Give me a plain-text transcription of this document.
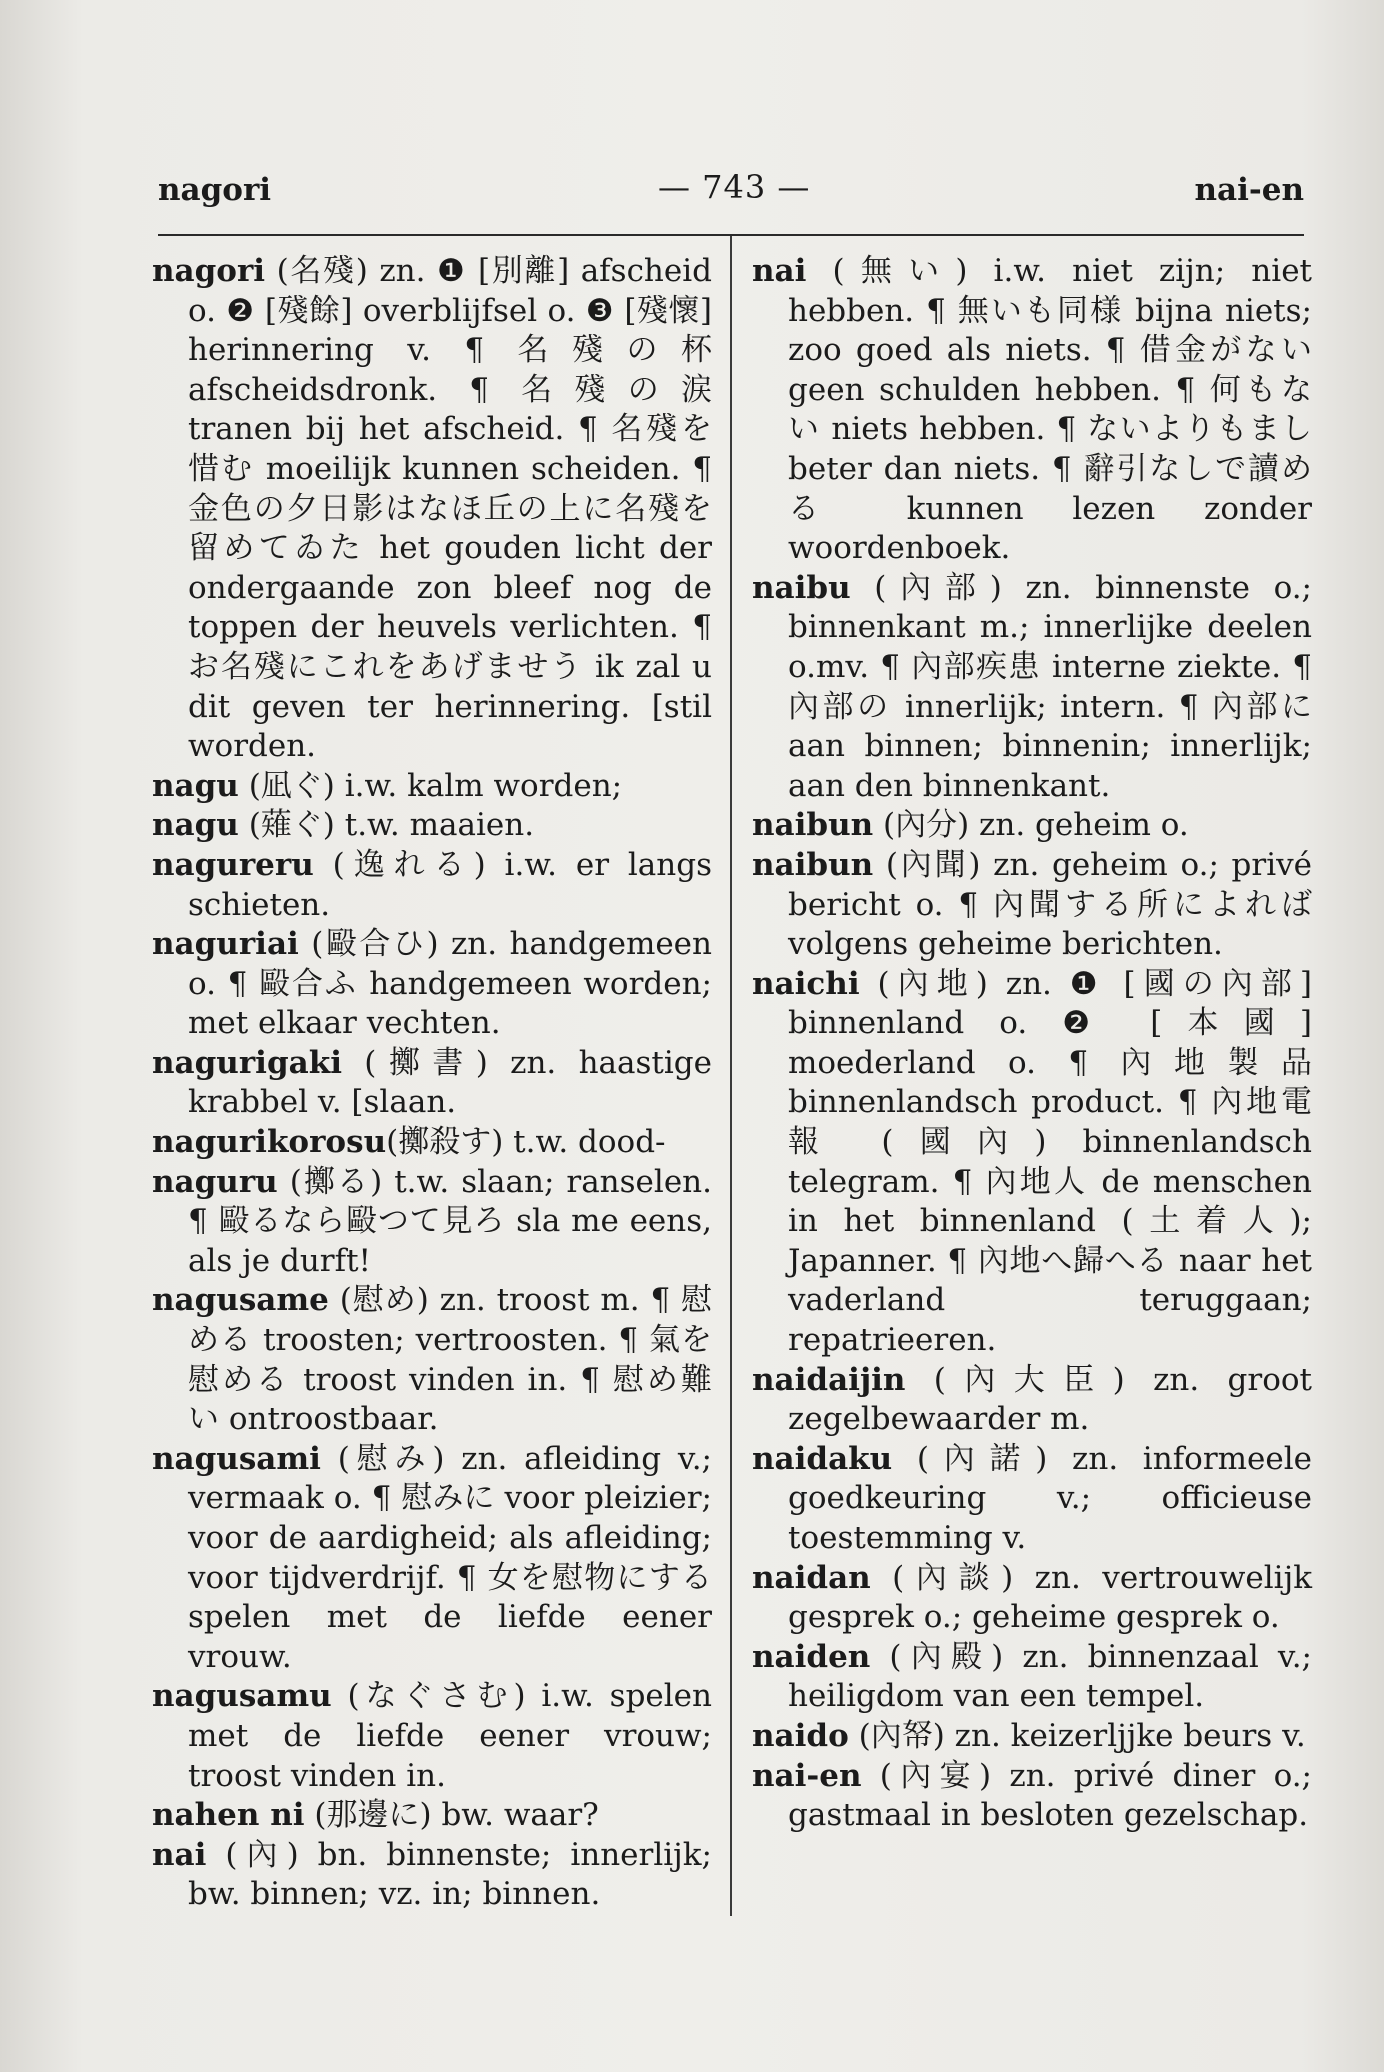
nagori	— 743 —	nai-en

nagori (名殘) zn. ❶ [別離] afscheid o. ❷ [殘餘] overblijfsel o. ❸ [殘懷] herinnering v. ¶ 名殘の杯 afscheidsdronk. ¶ 名殘の涙 tranen bij het afscheid. ¶ 名殘を惜む moeilijk kunnen scheiden. ¶ 金色の夕日影はなほ丘の上に名殘を留めてゐた het gouden licht der ondergaande zon bleef nog de toppen der heuvels verlichten. ¶ お名殘にこれをあげませう ik zal u dit geven ter herinnering. [stil worden.

nagu (凪ぐ) i.w. kalm worden;

nagu (薙ぐ) t.w. maaien.

nagureru (逸れる) i.w. er langs schieten.

naguriai (毆合ひ) zn. handgemeen o. ¶ 毆合ふ handgemeen worden; met elkaar vechten.

nagurigaki (擲書) zn. haastige krabbel v. [slaan.

nagurikorosu(擲殺す) t.w. dood-

naguru (擲る) t.w. slaan; ranselen. ¶ 毆るなら毆つて見ろ sla me eens, als je durft!

nagusame (慰め) zn. troost m. ¶ 慰める troosten; vertroosten. ¶ 氣を慰める troost vinden in. ¶ 慰め難い ontroostbaar.

nagusami (慰み) zn. afleiding v.; vermaak o. ¶ 慰みに voor pleizier; voor de aardigheid; als afleiding; voor tijdverdrijf. ¶ 女を慰物にする spelen met de liefde eener vrouw.

nagusamu (なぐさむ) i.w. spelen met de liefde eener vrouw; troost vinden in.

nahen ni (那邊に) bw. waar?

nai (內) bn. binnenste; innerlijk; bw. binnen; vz. in; binnen.

nai (無い) i.w. niet zijn; niet hebben. ¶ 無いも同様 bijna niets; zoo goed als niets. ¶ 借金がない geen schulden hebben. ¶ 何もない niets hebben. ¶ ないよりもまし beter dan niets. ¶ 辭引なしで讀める kunnen lezen zonder woordenboek.

naibu (內部) zn. binnenste o.; binnenkant m.; innerlijke deelen o.mv. ¶ 內部疾患 interne ziekte. ¶ 內部の innerlijk; intern. ¶ 內部に aan binnen; binnenin; innerlijk; aan den binnenkant.

naibun (內分) zn. geheim o.

naibun (內聞) zn. geheim o.; privé bericht o. ¶ 內聞する所によれば volgens geheime berichten.

naichi (內地) zn. ❶ [國の內部] binnenland o. ❷ [本國] moederland o. ¶ 內地製品 binnenlandsch product. ¶ 內地電報 (國內) binnenlandsch telegram. ¶ 內地人 de menschen in het binnenland (土着人); Japanner. ¶ 內地へ歸へる naar het vaderland teruggaan; repatrieeren.

naidaijin (內大臣) zn. groot zegelbewaarder m.

naidaku (內諾) zn. informeele goedkeuring v.; officieuse toestemming v.

naidan (內談) zn. vertrouwelijk gesprek o.; geheime gesprek o.

naiden (內殿) zn. binnenzaal v.; heiligdom van een tempel.

naido (內帑) zn. keizerljjke beurs v.

nai-en (內宴) zn. privé diner o.; gastmaal in besloten gezelschap.
